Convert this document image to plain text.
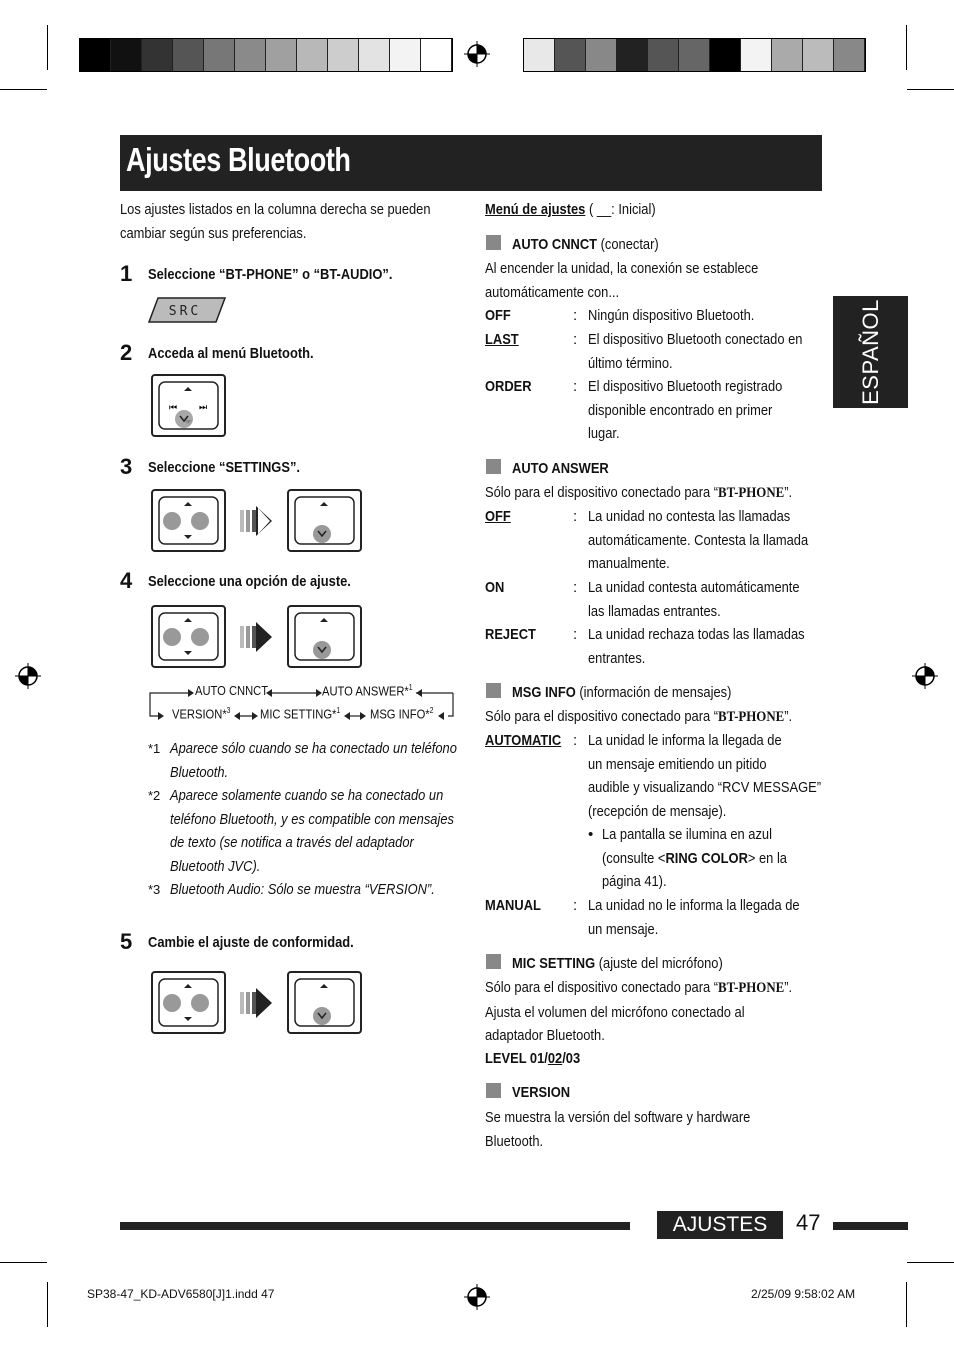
Ajustes Bluetooth
ESPAÑOL
Los ajustes listados en la columna derecha se pueden
cambiar según sus preferencias.
1 Seleccione “BT-PHONE” o “BT-AUDIO”.
SRC
2 Acceda al menú Bluetooth.
⏮ ⏭
3 Seleccione “SETTINGS”.
4 Seleccione una opción de ajuste.
AUTO CNNCT	AUTO ANSWER*$^1$
VERSION*$^3$ MIC SETTING*$^1$ MSG INFO*$^2$
*1 Aparece sólo cuando se ha conectado un teléfono
Bluetooth.
*2 Aparece solamente cuando se ha conectado un
teléfono Bluetooth, y es compatible con mensajes
de texto (se notifica a través del adaptador
Bluetooth JVC).
*3 Bluetooth Audio: Sólo se muestra “VERSION”.
5 Cambie el ajuste de conformidad.
Menú de ajustes ( __: Inicial)
AUTO CNNCT (conectar)
Al encender la unidad, la conexión se establece
automáticamente con...
OFF	: Ningún dispositivo Bluetooth.
LAST	: El dispositivo Bluetooth conectado en
último término.
ORDER	: El dispositivo Bluetooth registrado
disponible encontrado en primer
lugar.
AUTO ANSWER
Sólo para el dispositivo conectado para “BT-PHONE”.
OFF	: La unidad no contesta las llamadas
automáticamente. Contesta la llamada
manualmente.
ON	: La unidad contesta automáticamente
las llamadas entrantes.
REJECT : La unidad rechaza todas las llamadas
entrantes.
MSG INFO (información de mensajes)
Sólo para el dispositivo conectado para “BT-PHONE”.
AUTOMATIC : La unidad le informa la llegada de
un mensaje emitiendo un pitido
audible y visualizando “RCV MESSAGE”
(recepción de mensaje).
• La pantalla se ilumina en azul
(consulte <RING COLOR> en la
página 41).
MANUAL : La unidad no le informa la llegada de
un mensaje.
MIC SETTING (ajuste del micrófono)
Sólo para el dispositivo conectado para “BT-PHONE”.
Ajusta el volumen del micrófono conectado al
adaptador Bluetooth.
LEVEL 01/02/03
VERSION
Se muestra la versión del software y hardware
Bluetooth.
AJUSTES	47
SP38-47_KD-ADV6580[J]1.indd 47	2/25/09 9:58:02 AM
